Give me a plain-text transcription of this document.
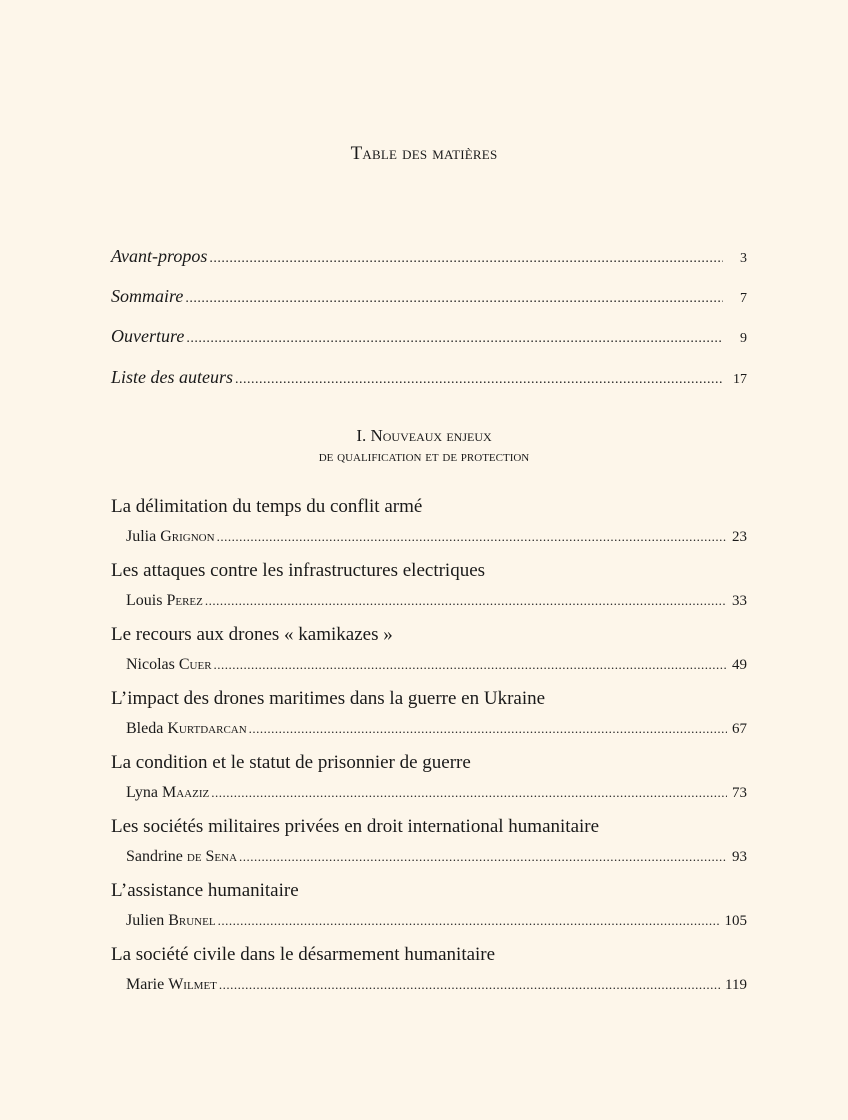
Table des matières
Avant-propos .....	3
Sommaire .....	7
Ouverture .....	9
Liste des auteurs .....	17
I. Nouveaux enjeux
de qualification et de protection
La délimitation du temps du conflit armé
Julia Grignon .....	23
Les attaques contre les infrastructures electriques
Louis Perez .....	33
Le recours aux drones « kamikazes »
Nicolas Cuer .....	49
L’impact des drones maritimes dans la guerre en Ukraine
Bleda Kurtdarcan .....	67
La condition et le statut de prisonnier de guerre
Lyna Maaziz .....	73
Les sociétés militaires privées en droit international humanitaire
Sandrine de Sena .....	93
L’assistance humanitaire
Julien Brunel .....	105
La société civile dans le désarmement humanitaire
Marie Wilmet .....	119
